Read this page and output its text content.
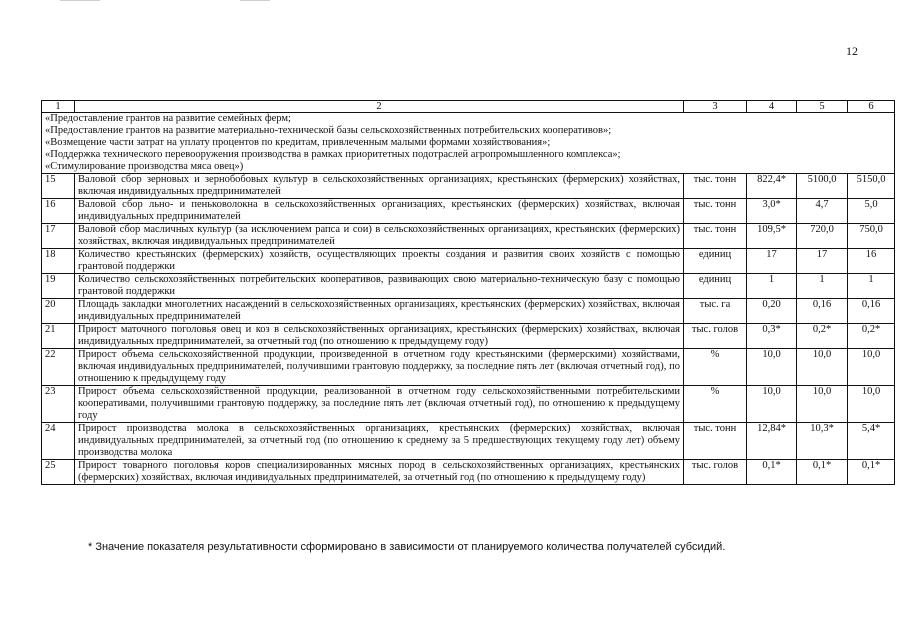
12
1	2	3	4	5	6

«Предоставление грантов на развитие семейных ферм;
«Предоставление грантов на развитие материально-технической базы сельскохозяйственных потребительских кооперативов»;
«Возмещение части затрат на уплату процентов по кредитам, привлеченным малыми формами хозяйствования»;
«Поддержка технического перевооружения производства в рамках приоритетных подотраслей агропромышленного комплекса»;
«Стимулирование производства мяса овец»)					

15	Валовой сбор зерновых и зернобобовых культур в сельскохозяйственных организациях, крестьянских (фермерских) хозяйствах, включая индивидуальных предпринимателей	тыс. тонн	822,4*	5100,0	5150,0
16	Валовой сбор льно- и пеньковолокна в сельскохозяйственных организациях, крестьянских (фермерских) хозяйствах, включая индивидуальных предпринимателей	тыс. тонн	3,0*	4,7	5,0
17	Валовой сбор масличных культур (за исключением рапса и сои) в сельскохозяйственных организациях, крестьянских (фермерских) хозяйствах, включая индивидуальных предпринимателей	тыс. тонн	109,5*	720,0	750,0
18	Количество крестьянских (фермерских) хозяйств, осуществляющих проекты создания и развития своих хозяйств с помощью грантовой поддержки	единиц	17	17	16
19	Количество сельскохозяйственных потребительских кооперативов, развивающих свою материально-техническую базу с помощью грантовой поддержки	единиц	1	1	1
20	Площадь закладки многолетних насаждений в сельскохозяйственных организациях, крестьянских (фермерских) хозяйствах, включая индивидуальных предпринимателей	тыс. га	0,20	0,16	0,16
21	Прирост маточного поголовья овец и коз в сельскохозяйственных организациях, крестьянских (фермерских) хозяйствах, включая индивидуальных предпринимателей, за отчетный год (по отношению к предыдущему году)	тыс. голов	0,3*	0,2*	0,2*
22	Прирост объема сельскохозяйственной продукции, произведенной в отчетном году крестьянскими (фермерскими) хозяйствами, включая индивидуальных предпринимателей, получившими грантовую поддержку, за последние пять лет (включая отчетный год), по отношению к предыдущему году	%	10,0	10,0	10,0
23	Прирост объема сельскохозяйственной продукции, реализованной в отчетном году сельскохозяйственными потребительскими кооперативами, получившими грантовую поддержку, за последние пять лет (включая отчетный год), по отношению к предыдущему году	%	10,0	10,0	10,0
24	Прирост производства молока в сельскохозяйственных организациях, крестьянских (фермерских) хозяйствах, включая индивидуальных предпринимателей, за отчетный год (по отношению к среднему за 5 предшествующих текущему году лет) объему производства молока	тыс. тонн	12,84*	10,3*	5,4*
25	Прирост товарного поголовья коров специализированных мясных пород в сельскохозяйственных организациях, крестьянских (фермерских) хозяйствах, включая индивидуальных предпринимателей, за отчетный год (по отношению к предыдущему году)	тыс. голов	0,1*	0,1*	0,1*
* Значение показателя результативности сформировано в зависимости от планируемого количества получателей субсидий.
